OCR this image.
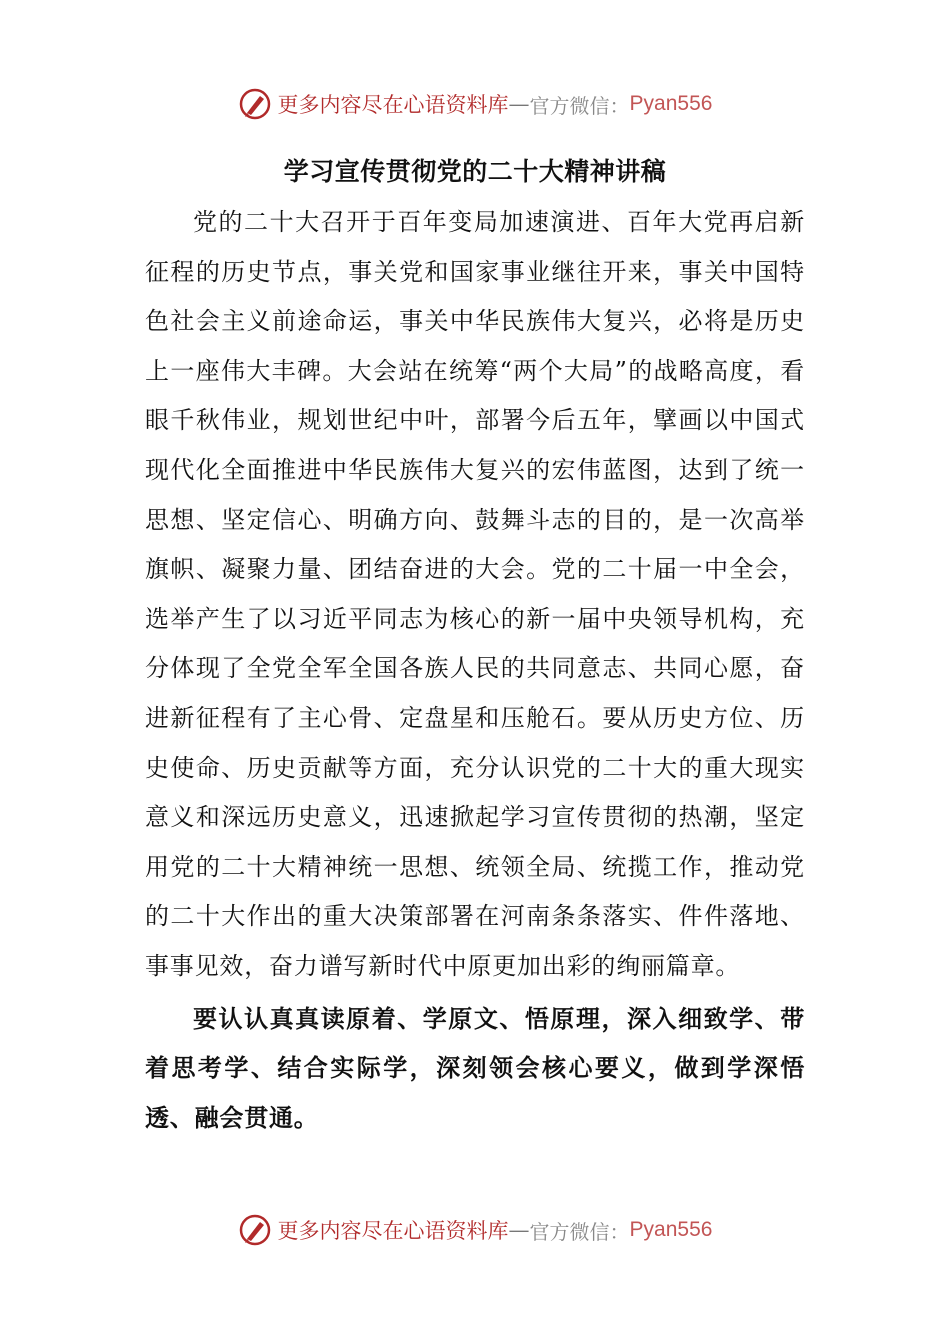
更多内容尽在心语资料库 — 官方微信： Pyan556
学习宣传贯彻党的二十大精神讲稿

党的二十大召开于百年变局加速演进、百年大党再启新征程的历史节点，事关党和国家事业继往开来，事关中国特色社会主义前途命运，事关中华民族伟大复兴，必将是历史上一座伟大丰碑。大会站在统筹“两个大局”的战略高度，看眼千秋伟业，规划世纪中叶，部署今后五年，擘画以中国式现代化全面推进中华民族伟大复兴的宏伟蓝图，达到了统一思想、坚定信心、明确方向、鼓舞斗志的目的，是一次高举旗帜、凝聚力量、团结奋进的大会。党的二十届一中全会，选举产生了以习近平同志为核心的新一届中央领导机构，充分体现了全党全军全国各族人民的共同意志、共同心愿，奋进新征程有了主心骨、定盘星和压舱石。要从历史方位、历史使命、历史贡献等方面，充分认识党的二十大的重大现实意义和深远历史意义，迅速掀起学习宣传贯彻的热潮，坚定用党的二十大精神统一思想、统领全局、统揽工作，推动党的二十大作出的重大决策部署在河南条条落实、件件落地、事事见效，奋力谱写新时代中原更加出彩的绚丽篇章。

要认认真真读原着、学原文、悟原理，深入细致学、带着思考学、结合实际学，深刻领会核心要义，做到学深悟透、融会贯通。

更多内容尽在心语资料库 — 官方微信： Pyan556
